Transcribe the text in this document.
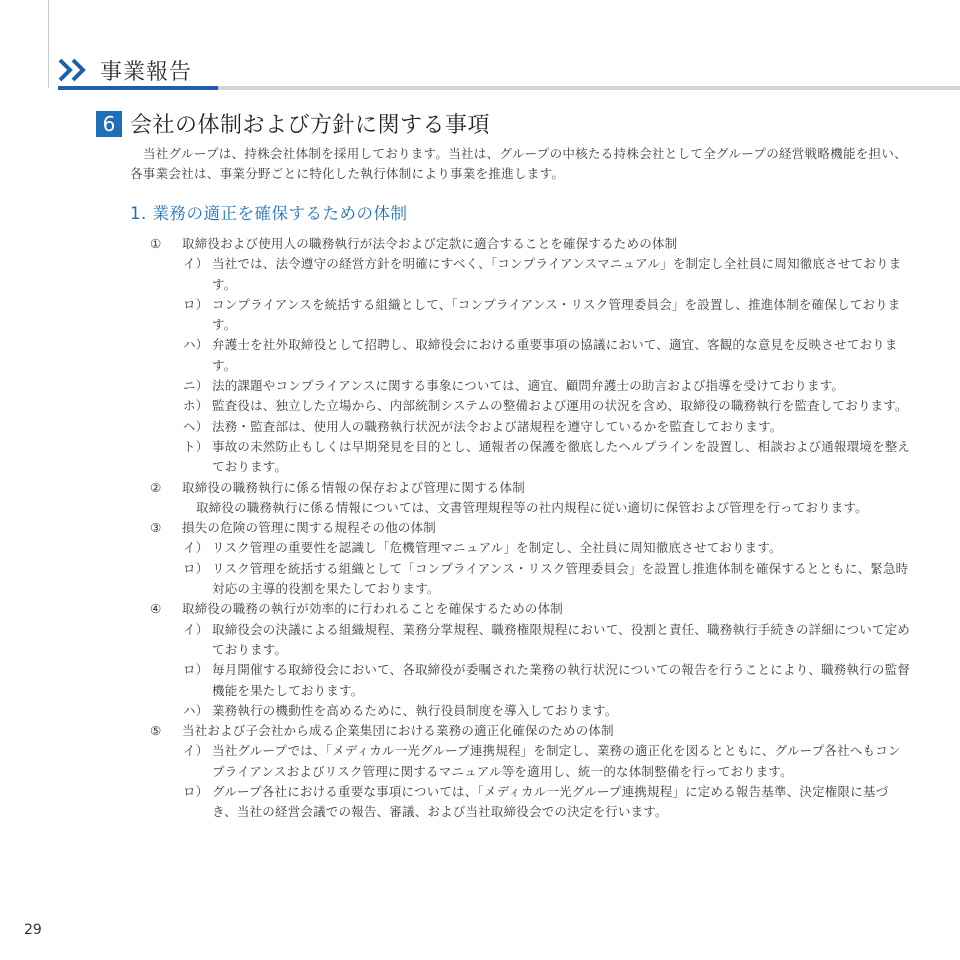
事業報告
6 会社の体制および方針に関する事項
当社グループは、持株会社体制を採用しております。当社は、グループの中核たる持株会社として全グループの経営戦略機能を担い、各事業会社は、事業分野ごとに特化した執行体制により事業を推進します。
1. 業務の適正を確保するための体制
①	取締役および使用人の職務執行が法令および定款に適合することを確保するための体制
イ） 当社では、法令遵守の経営方針を明確にすべく、「コンプライアンスマニュアル」を制定し全社員に周知徹底させております。
ロ） コンプライアンスを統括する組織として、「コンプライアンス・リスク管理委員会」を設置し、推進体制を確保しております。
ハ） 弁護士を社外取締役として招聘し、取締役会における重要事項の協議において、適宜、客観的な意見を反映させております。
ニ） 法的課題やコンプライアンスに関する事象については、適宜、顧問弁護士の助言および指導を受けております。
ホ） 監査役は、独立した立場から、内部統制システムの整備および運用の状況を含め、取締役の職務執行を監査しております。
ヘ） 法務・監査部は、使用人の職務執行状況が法令および諸規程を遵守しているかを監査しております。
ト） 事故の未然防止もしくは早期発見を目的とし、通報者の保護を徹底したヘルプラインを設置し、相談および通報環境を整えております。
②	取締役の職務執行に係る情報の保存および管理に関する体制
取締役の職務執行に係る情報については、文書管理規程等の社内規程に従い適切に保管および管理を行っております。
③	損失の危険の管理に関する規程その他の体制
イ） リスク管理の重要性を認識し「危機管理マニュアル」を制定し、全社員に周知徹底させております。
ロ） リスク管理を統括する組織として「コンプライアンス・リスク管理委員会」を設置し推進体制を確保するとともに、緊急時対応の主導的役割を果たしております。
④	取締役の職務の執行が効率的に行われることを確保するための体制
イ） 取締役会の決議による組織規程、業務分掌規程、職務権限規程において、役割と責任、職務執行手続きの詳細について定めております。
ロ） 毎月開催する取締役会において、各取締役が委嘱された業務の執行状況についての報告を行うことにより、職務執行の監督機能を果たしております。
ハ） 業務執行の機動性を高めるために、執行役員制度を導入しております。
⑤	当社および子会社から成る企業集団における業務の適正化確保のための体制
イ） 当社グループでは、「メディカル一光グループ連携規程」を制定し、業務の適正化を図るとともに、グループ各社へもコンプライアンスおよびリスク管理に関するマニュアル等を適用し、統一的な体制整備を行っております。
ロ） グループ各社における重要な事項については、「メディカル一光グループ連携規程」に定める報告基準、決定権限に基づき、当社の経営会議での報告、審議、および当社取締役会での決定を行います。
29
